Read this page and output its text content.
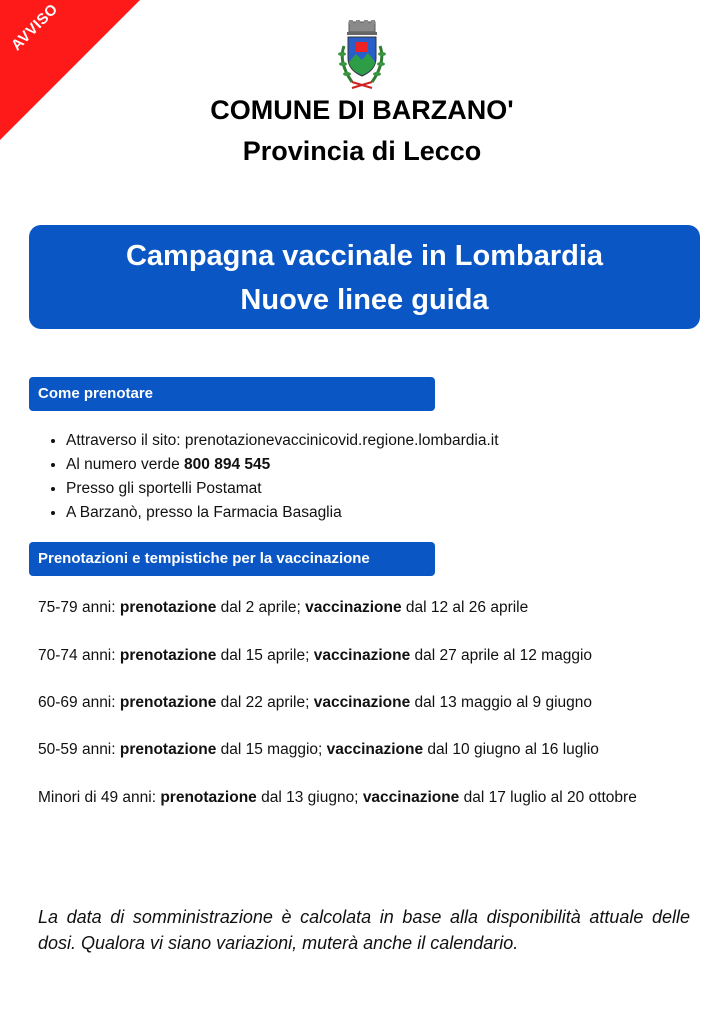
AVVISO
COMUNE DI BARZANO'
Provincia di Lecco
Campagna vaccinale in Lombardia
Nuove linee guida
Come prenotare
• Attraverso il sito: prenotazionevaccinicovid.regione.lombardia.it
• Al numero verde 800 894 545
• Presso gli sportelli Postamat
• A Barzanò, presso la Farmacia Basaglia
Prenotazioni e tempistiche per la vaccinazione
75-79 anni: prenotazione dal 2 aprile; vaccinazione dal 12 al 26 aprile
70-74 anni: prenotazione dal 15 aprile; vaccinazione dal 27 aprile al 12 maggio
60-69 anni: prenotazione dal 22 aprile; vaccinazione dal 13 maggio al 9 giugno
50-59 anni: prenotazione dal 15 maggio; vaccinazione dal 10 giugno al 16 luglio
Minori di 49 anni: prenotazione dal 13 giugno; vaccinazione dal 17 luglio al 20 ottobre
La data di somministrazione è calcolata in base alla disponibilità attuale delle dosi. Qualora vi siano variazioni, muterà anche il calendario.
